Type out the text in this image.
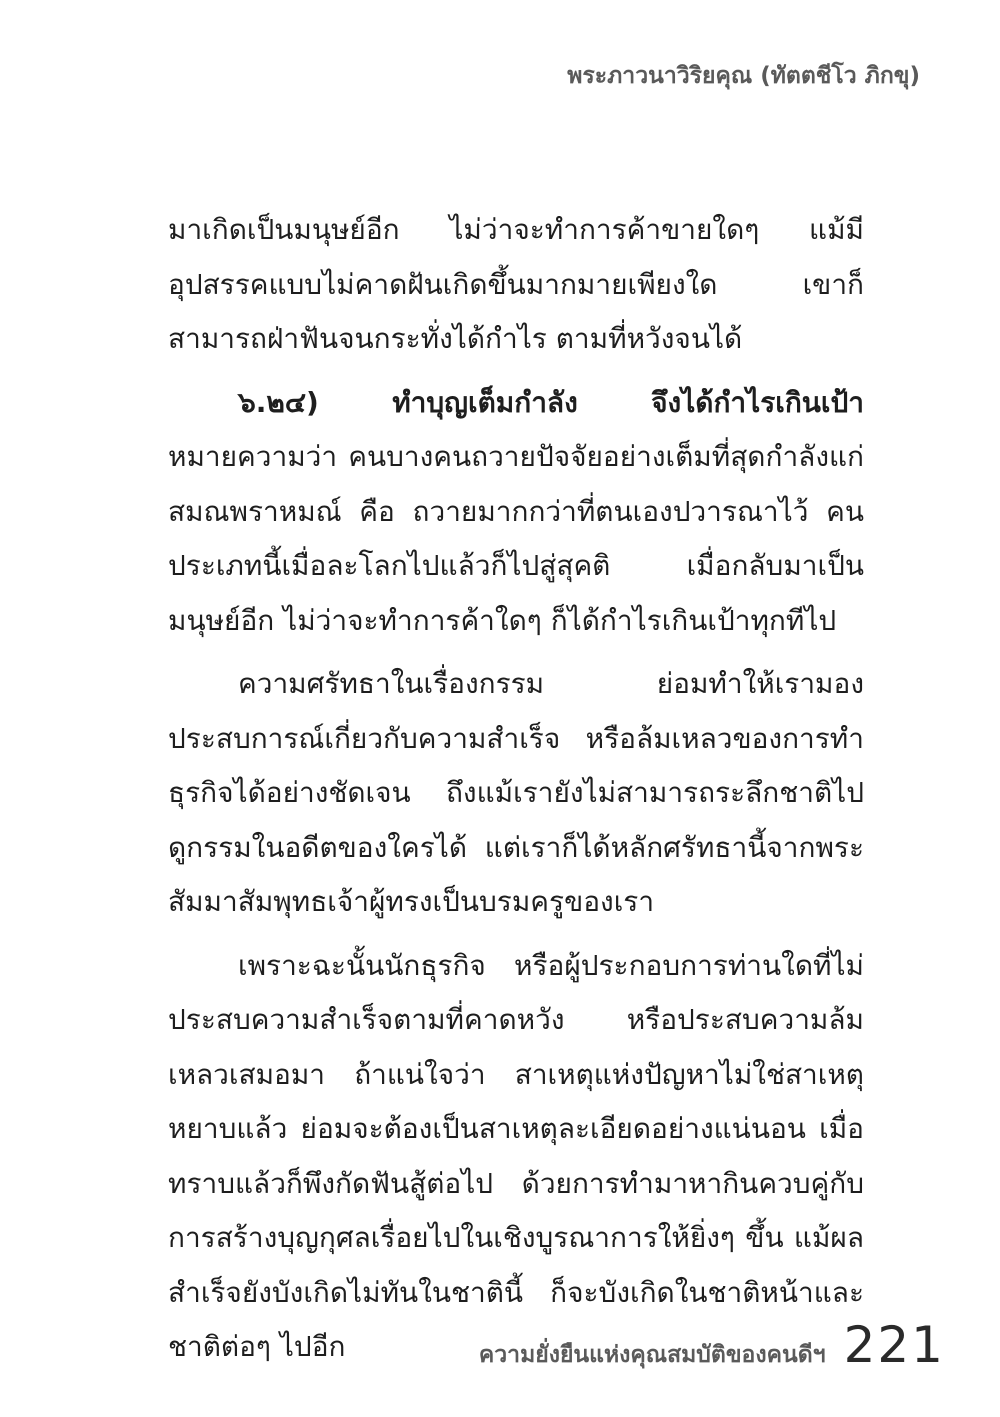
พระภาวนาวิริยคุณ (ทัตตชีโว ภิกขุ)

มาเกิดเป็นมนุษย์อีก ไม่ว่าจะทำการค้าขายใดๆ แม้มีอุปสรรคแบบไม่คาดฝันเกิดขึ้นมากมายเพียงใด เขาก็สามารถฝ่าฟันจนกระทั่งได้กำไร ตามที่หวังจนได้

๖.๒๔) ทำบุญเต็มกำลัง จึงได้กำไรเกินเป้า หมายความว่า คนบางคนถวายปัจจัยอย่างเต็มที่สุดกำลังแก่สมณพราหมณ์ คือ ถวายมากกว่าที่ตนเองปวารณาไว้ คนประเภทนี้เมื่อละโลกไปแล้วก็ไปสู่สุคติ เมื่อกลับมาเป็นมนุษย์อีก ไม่ว่าจะทำการค้าใดๆ ก็ได้กำไรเกินเป้าทุกทีไป

ความศรัทธาในเรื่องกรรม ย่อมทำให้เรามองประสบการณ์เกี่ยวกับความสำเร็จ หรือล้มเหลวของการทำธุรกิจได้อย่างชัดเจน ถึงแม้เรายังไม่สามารถระลึกชาติไปดูกรรมในอดีตของใครได้ แต่เราก็ได้หลักศรัทธานี้จากพระสัมมาสัมพุทธเจ้าผู้ทรงเป็นบรมครูของเรา

เพราะฉะนั้นนักธุรกิจ หรือผู้ประกอบการท่านใดที่ไม่ประสบความสำเร็จตามที่คาดหวัง หรือประสบความล้มเหลวเสมอมา ถ้าแน่ใจว่า สาเหตุแห่งปัญหาไม่ใช่สาเหตุหยาบแล้ว ย่อมจะต้องเป็นสาเหตุละเอียดอย่างแน่นอน เมื่อทราบแล้วก็พึงกัดฟันสู้ต่อไป ด้วยการทำมาหากินควบคู่กับการสร้างบุญกุศลเรื่อยไปในเชิงบูรณาการให้ยิ่งๆ ขึ้น แม้ผลสำเร็จยังบังเกิดไม่ทันในชาตินี้ ก็จะบังเกิดในชาติหน้าและชาติต่อๆ ไปอีก	ความยั่งยืนแห่งคุณสมบัติของคนดีฯ 221
